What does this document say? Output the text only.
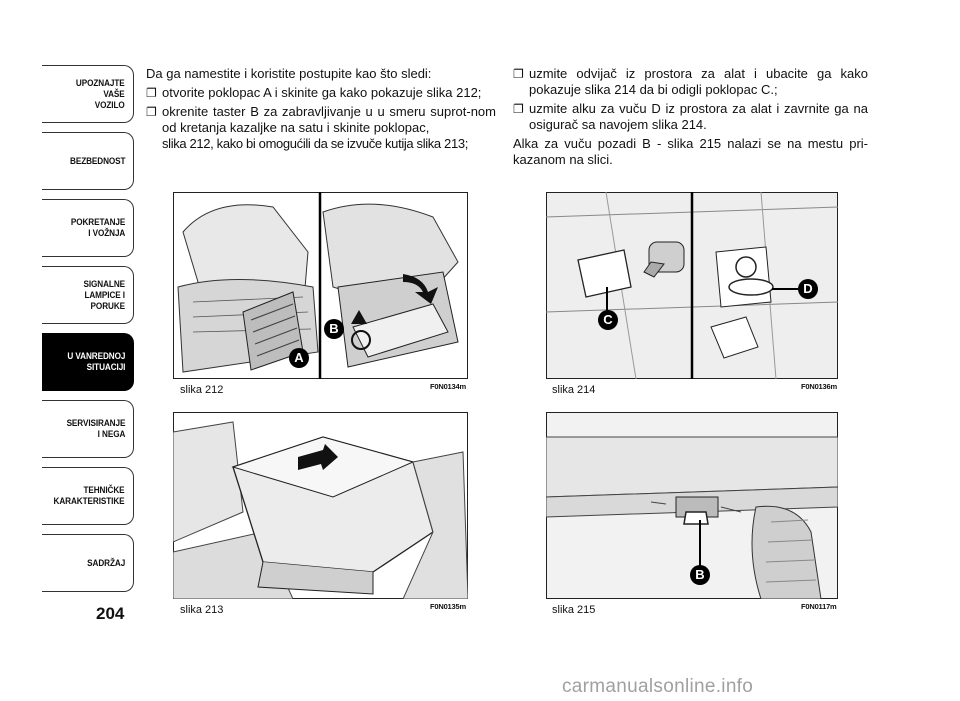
UPOZNAJTE
VAŠE
VOZILO
BEZBEDNOST
POKRETANJE
I VOŽNJA
SIGNALNE
LAMPICE I PORUKE
U VANREDNOJ
SITUACIJI
SERVISIRANJE
I NEGA
TEHNIČKE
KARAKTERISTIKE
SADRŽAJ
204

Da ga namestite i koristite postupite kao što sledi:

❐ otvorite poklopac A i skinite ga kako pokazuje slika 212;
❐ okrenite taster B za zabravljivanje u u smeru suprot-nom od kretanja kazaljke na satu i skinite poklopac,
slika 212, kako bi omogućili da se izvuče kutija slika 213;
❐ uzmite odvijač iz prostora za alat i ubacite ga kako pokazuje slika 214 da bi odigli poklopac C.;
❐ uzmite alku za vuču D iz prostora za alat i zavrnite ga na osigurač sa navojem slika 214.

Alka za vuču pozadi B - slika 215 nalazi se na mestu pri-kazanom na slici.

A
B
slika 212	F0N0134m
slika 213	F0N0135m
C
D
slika 214	F0N0136m
B
slika 215	F0N0117m
carmanualsonline.info
